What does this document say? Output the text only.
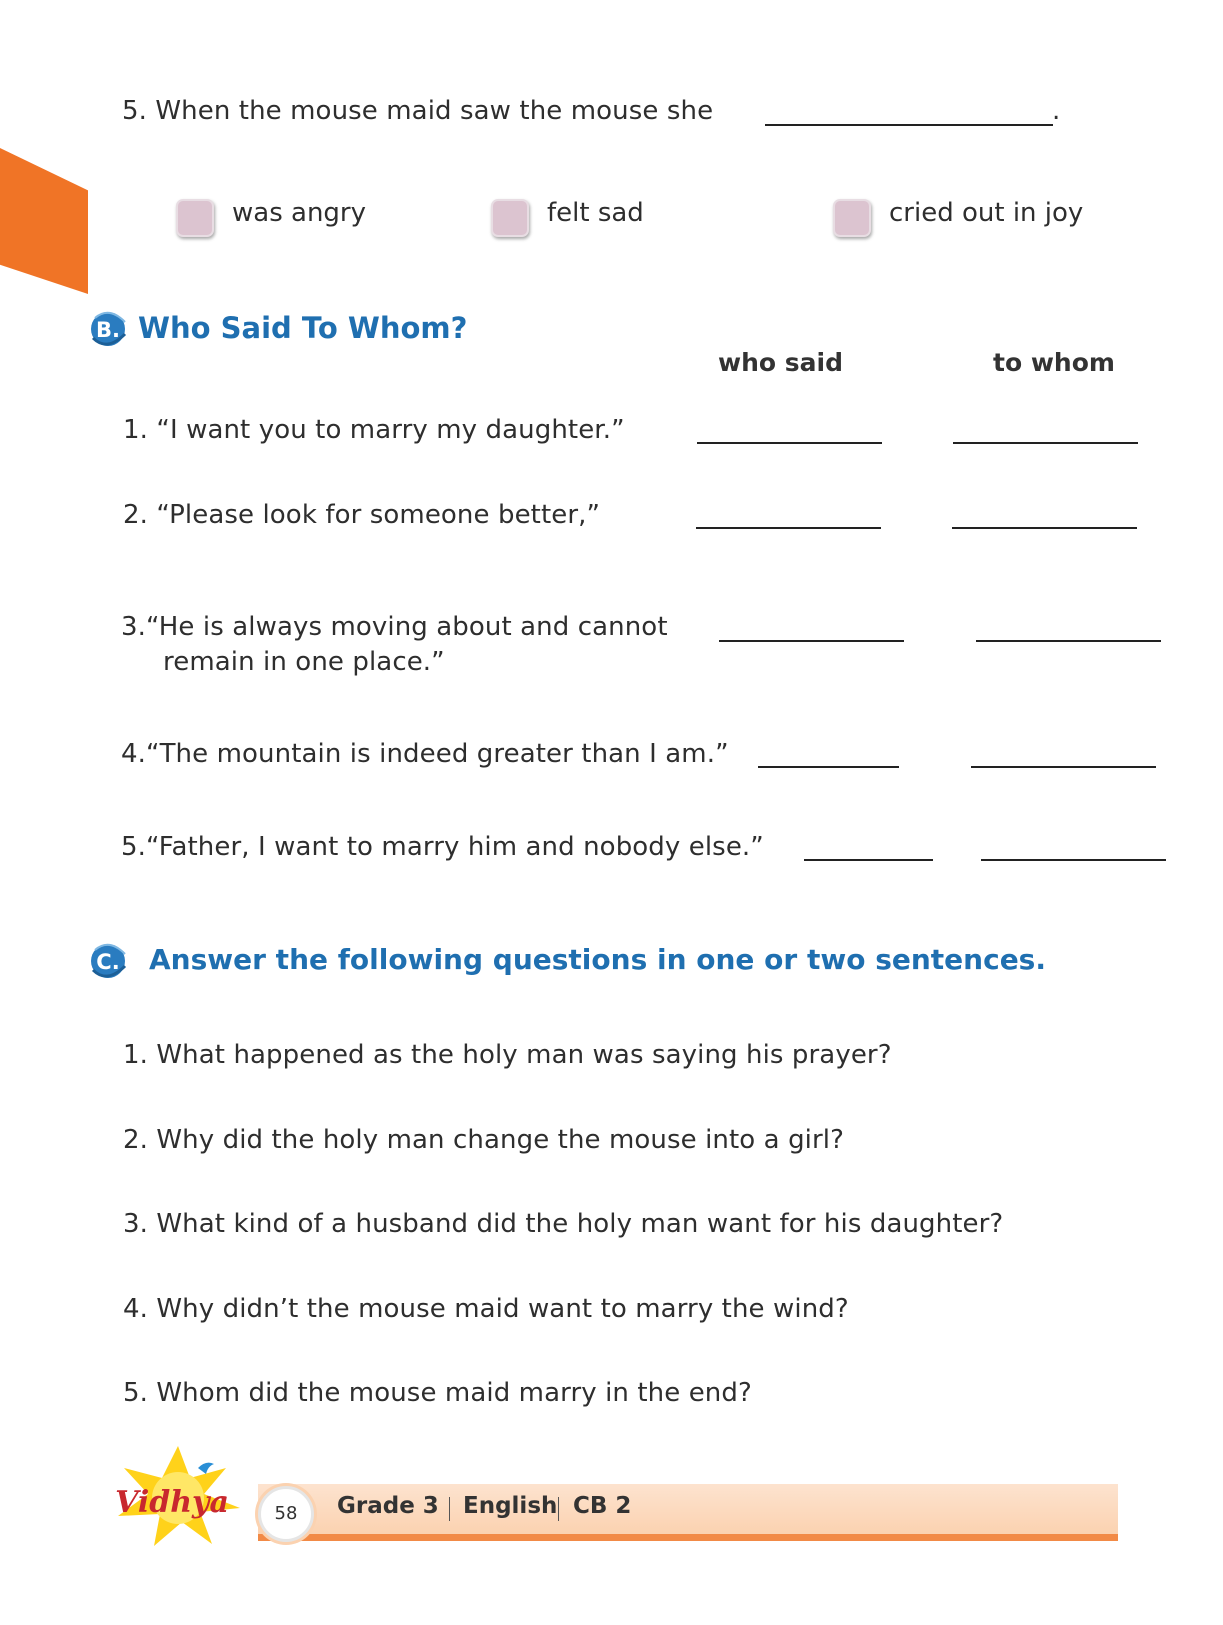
5. When the mouse maid saw the mouse she	.
was angry	felt sad	cried out in joy
B. Who Said To Whom?
who said	to whom
1. “I want you to marry my daughter.”
2. “Please look for someone better,”
3.“He is always moving about and cannot
remain in one place.”
4.“The mountain is indeed greater than I am.”
5.“Father, I want to marry him and nobody else.”
C. Answer the following questions in one or two sentences.
1. What happened as the holy man was saying his prayer?
2. Why did the holy man change the mouse into a girl?
3. What kind of a husband did the holy man want for his daughter?
4. Why didn’t the mouse maid want to marry the wind?
5. Whom did the mouse maid marry in the end?
Vidhya	58	Grade 3 English CB 2
